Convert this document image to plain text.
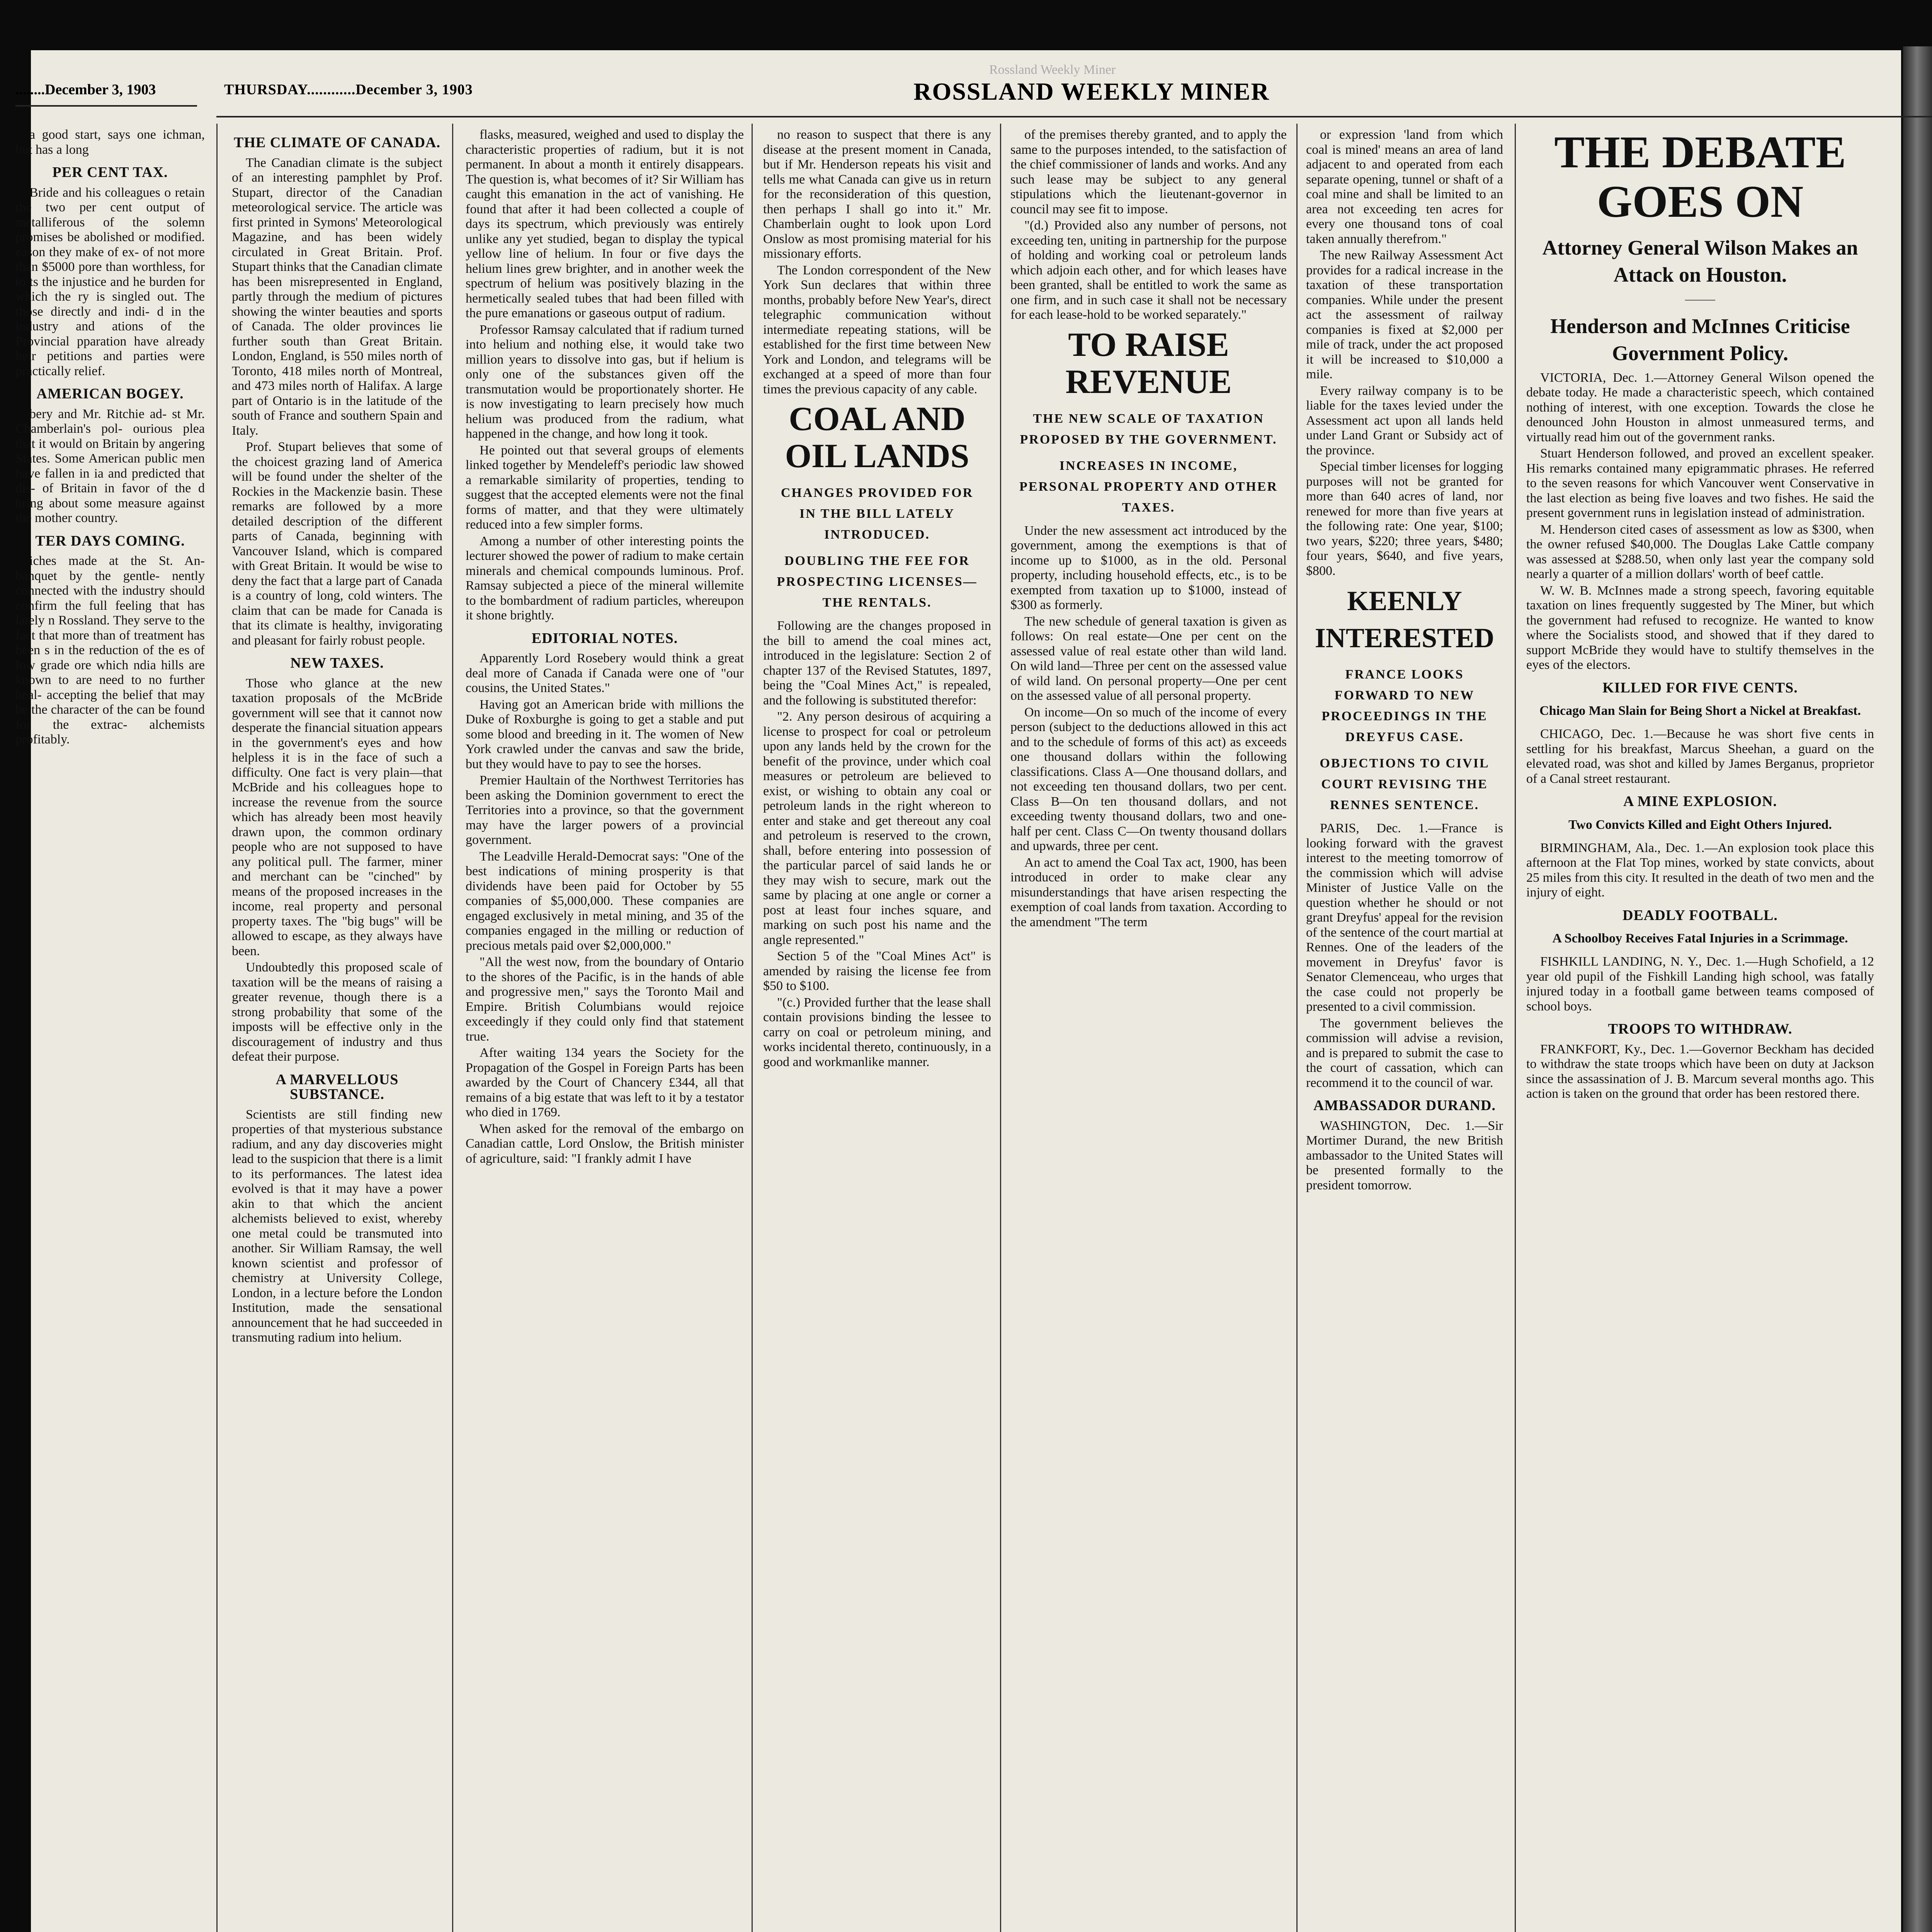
........December 3, 1903
Rossland Weekly Miner
THURSDAY............December 3, 1903	ROSSLAND WEEKLY MINER

a good start, says one ichman, but has a long

PER CENT TAX.

Bride and his colleagues o retain the two per cent output of metalliferous of the solemn promises be abolished or modified. eason they make of ex- of not more than $5000 pore than worthless, for to ts the injustice and he burden for which the ry is singled out. The those directly and indi- d in the industry and ations of the Provincial pparation have already heir petitions and parties were practically relief.

AMERICAN BOGEY.

bery and Mr. Ritchie ad- st Mr. Chamberlain's pol- ourious plea that it would on Britain by angering States. Some American public men have fallen in ia and predicted that dis- of Britain in favor of the d bring about some measure against the mother country.

TER DAYS COMING.

iches made at the St. An- banquet by the gentle- nently connected with the industry should confirm the full feeling that has lately n Rossland. They serve to the fact that more than of treatment has been s in the reduction of the es of low grade ore which ndia hills are known to are need to no further heal- accepting the belief that may be the character of the can be found for the extrac- alchemists profitably.

THE CLIMATE OF CANADA.

The Canadian climate is the subject of an interesting pamphlet by Prof. Stupart, director of the Canadian meteorological service. The article was first printed in Symons' Meteorological Magazine, and has been widely circulated in Great Britain. Prof. Stupart thinks that the Canadian climate has been misrepresented in England, partly through the medium of pictures showing the winter beauties and sports of Canada. The older provinces lie further south than Great Britain. London, England, is 550 miles north of Toronto, 418 miles north of Montreal, and 473 miles north of Halifax. A large part of Ontario is in the latitude of the south of France and southern Spain and Italy.

Prof. Stupart believes that some of the choicest grazing land of America will be found under the shelter of the Rockies in the Mackenzie basin. These remarks are followed by a more detailed description of the different parts of Canada, beginning with Vancouver Island, which is compared with Great Britain. It would be wise to deny the fact that a large part of Canada is a country of long, cold winters. The claim that can be made for Canada is that its climate is healthy, invigorating and pleasant for fairly robust people.

NEW TAXES.

Those who glance at the new taxation proposals of the McBride government will see that it cannot now desperate the financial situation appears in the government's eyes and how helpless it is in the face of such a difficulty. One fact is very plain—that McBride and his colleagues hope to increase the revenue from the source which has already been most heavily drawn upon, the common ordinary people who are not supposed to have any political pull. The farmer, miner and merchant can be "cinched" by means of the proposed increases in the income, real property and personal property taxes. The "big bugs" will be allowed to escape, as they always have been.

Undoubtedly this proposed scale of taxation will be the means of raising a greater revenue, though there is a strong probability that some of the imposts will be effective only in the discouragement of industry and thus defeat their purpose.

A MARVELLOUS SUBSTANCE.

Scientists are still finding new properties of that mysterious substance radium, and any day discoveries might lead to the suspicion that there is a limit to its performances. The latest idea evolved is that it may have a power akin to that which the ancient alchemists believed to exist, whereby one metal could be transmuted into another. Sir William Ramsay, the well known scientist and professor of chemistry at University College, London, in a lecture before the London Institution, made the sensational announcement that he had succeeded in transmuting radium into helium.

flasks, measured, weighed and used to display the characteristic properties of radium, but it is not permanent. In about a month it entirely disappears. The question is, what becomes of it? Sir William has caught this emanation in the act of vanishing. He found that after it had been collected a couple of days its spectrum, which previously was entirely unlike any yet studied, began to display the typical yellow line of helium. In four or five days the helium lines grew brighter, and in another week the spectrum of helium was positively blazing in the hermetically sealed tubes that had been filled with the pure emanations or gaseous output of radium.

Professor Ramsay calculated that if radium turned into helium and nothing else, it would take two million years to dissolve into gas, but if helium is only one of the substances given off the transmutation would be proportionately shorter. He is now investigating to learn precisely how much helium was produced from the radium, what happened in the change, and how long it took.

He pointed out that several groups of elements linked together by Mendeleff's periodic law showed a remarkable similarity of properties, tending to suggest that the accepted elements were not the final forms of matter, and that they were ultimately reduced into a few simpler forms.

Among a number of other interesting points the lecturer showed the power of radium to make certain minerals and chemical compounds luminous. Prof. Ramsay subjected a piece of the mineral willemite to the bombardment of radium particles, whereupon it shone brightly.

EDITORIAL NOTES.

Apparently Lord Rosebery would think a great deal more of Canada if Canada were one of "our cousins, the United States."

Having got an American bride with millions the Duke of Roxburghe is going to get a stable and put some blood and breeding in it. The women of New York crawled under the canvas and saw the bride, but they would have to pay to see the horses.

Premier Haultain of the Northwest Territories has been asking the Dominion government to erect the Territories into a province, so that the government may have the larger powers of a provincial government.

The Leadville Herald-Democrat says: "One of the best indications of mining prosperity is that dividends have been paid for October by 55 companies of $5,000,000. These companies are engaged exclusively in metal mining, and 35 of the companies engaged in the milling or reduction of precious metals paid over $2,000,000."

"All the west now, from the boundary of Ontario to the shores of the Pacific, is in the hands of able and progressive men," says the Toronto Mail and Empire. British Columbians would rejoice exceedingly if they could only find that statement true.

After waiting 134 years the Society for the Propagation of the Gospel in Foreign Parts has been awarded by the Court of Chancery £344, all that remains of a big estate that was left to it by a testator who died in 1769.

When asked for the removal of the embargo on Canadian cattle, Lord Onslow, the British minister of agriculture, said: "I frankly admit I have

no reason to suspect that there is any disease at the present moment in Canada, but if Mr. Henderson repeats his visit and tells me what Canada can give us in return for the reconsideration of this question, then perhaps I shall go into it." Mr. Chamberlain ought to look upon Lord Onslow as most promising material for his missionary efforts.

The London correspondent of the New York Sun declares that within three months, probably before New Year's, direct telegraphic communication without intermediate repeating stations, will be established for the first time between New York and London, and telegrams will be exchanged at a speed of more than four times the previous capacity of any cable.

COAL AND OIL LANDS
CHANGES PROVIDED FOR IN THE BILL LATELY INTRODUCED.
DOUBLING THE FEE FOR PROSPECTING LICENSES—THE RENTALS.

Following are the changes proposed in the bill to amend the coal mines act, introduced in the legislature: Section 2 of chapter 137 of the Revised Statutes, 1897, being the "Coal Mines Act," is repealed, and the following is substituted therefor:

"2. Any person desirous of acquiring a license to prospect for coal or petroleum upon any lands held by the crown for the benefit of the province, under which coal measures or petroleum are believed to exist, or wishing to obtain any coal or petroleum lands in the right whereon to enter and stake and get thereout any coal and petroleum is reserved to the crown, shall, before entering into possession of the particular parcel of said lands he or they may wish to secure, mark out the same by placing at one angle or corner a post at least four inches square, and marking on such post his name and the angle represented."

Section 5 of the "Coal Mines Act" is amended by raising the license fee from $50 to $100.

"(c.) Provided further that the lease shall contain provisions binding the lessee to carry on coal or petroleum mining, and works incidental thereto, continuously, in a good and workmanlike manner.

of the premises thereby granted, and to apply the same to the purposes intended, to the satisfaction of the chief commissioner of lands and works. And any such lease may be subject to any general stipulations which the lieutenant-governor in council may see fit to impose.

"(d.) Provided also any number of persons, not exceeding ten, uniting in partnership for the purpose of holding and working coal or petroleum lands which adjoin each other, and for which leases have been granted, shall be entitled to work the same as one firm, and in such case it shall not be necessary for each lease-hold to be worked separately."

TO RAISE REVENUE
THE NEW SCALE OF TAXATION PROPOSED BY THE GOVERNMENT.
INCREASES IN INCOME, PERSONAL PROPERTY AND OTHER TAXES.

Under the new assessment act introduced by the government, among the exemptions is that of income up to $1000, as in the old. Personal property, including household effects, etc., is to be exempted from taxation up to $1000, instead of $300 as formerly.

The new schedule of general taxation is given as follows: On real estate—One per cent on the assessed value of real estate other than wild land. On wild land—Three per cent on the assessed value of wild land. On personal property—One per cent on the assessed value of all personal property.

On income—On so much of the income of every person (subject to the deductions allowed in this act and to the schedule of forms of this act) as exceeds one thousand dollars within the following classifications. Class A—One thousand dollars, and not exceeding ten thousand dollars, two per cent. Class B—On ten thousand dollars, and not exceeding twenty thousand dollars, two and one-half per cent. Class C—On twenty thousand dollars and upwards, three per cent.

An act to amend the Coal Tax act, 1900, has been introduced in order to make clear any misunderstandings that have arisen respecting the exemption of coal lands from taxation. According to the amendment "The term

or expression 'land from which coal is mined' means an area of land adjacent to and operated from each separate opening, tunnel or shaft of a coal mine and shall be limited to an area not exceeding ten acres for every one thousand tons of coal taken annually therefrom."

The new Railway Assessment Act provides for a radical increase in the taxation of these transportation companies. While under the present act the assessment of railway companies is fixed at $2,000 per mile of track, under the act proposed it will be increased to $10,000 a mile.

Every railway company is to be liable for the taxes levied under the Assessment act upon all lands held under Land Grant or Subsidy act of the province.

Special timber licenses for logging purposes will not be granted for more than 640 acres of land, nor renewed for more than five years at the following rate: One year, $100; two years, $220; three years, $480; four years, $640, and five years, $800.

KEENLY INTERESTED
FRANCE LOOKS FORWARD TO NEW PROCEEDINGS IN THE DREYFUS CASE.
OBJECTIONS TO CIVIL COURT REVISING THE RENNES SENTENCE.

PARIS, Dec. 1.—France is looking forward with the gravest interest to the meeting tomorrow of the commission which will advise Minister of Justice Valle on the question whether he should or not grant Dreyfus' appeal for the revision of the sentence of the court martial at Rennes. One of the leaders of the movement in Dreyfus' favor is Senator Clemenceau, who urges that the case could not properly be presented to a civil commission.

The government believes the commission will advise a revision, and is prepared to submit the case to the court of cassation, which can recommend it to the council of war.

AMBASSADOR DURAND.

WASHINGTON, Dec. 1.—Sir Mortimer Durand, the new British ambassador to the United States will be presented formally to the president tomorrow.

THE DEBATE GOES ON
Attorney General Wilson Makes an Attack on Houston.
———
Henderson and McInnes Criticise Government Policy.

VICTORIA, Dec. 1.—Attorney General Wilson opened the debate today. He made a characteristic speech, which contained nothing of interest, with one exception. Towards the close he denounced John Houston in almost unmeasured terms, and virtually read him out of the government ranks.

Stuart Henderson followed, and proved an excellent speaker. His remarks contained many epigrammatic phrases. He referred to the seven reasons for which Vancouver went Conservative in the last election as being five loaves and two fishes. He said the present government runs in legislation instead of administration.

M. Henderson cited cases of assessment as low as $300, when the owner refused $40,000. The Douglas Lake Cattle company was assessed at $288.50, when only last year the company sold nearly a quarter of a million dollars' worth of beef cattle.

W. W. B. McInnes made a strong speech, favoring equitable taxation on lines frequently suggested by The Miner, but which the government had refused to recognize. He wanted to know where the Socialists stood, and showed that if they dared to support McBride they would have to stultify themselves in the eyes of the electors.

KILLED FOR FIVE CENTS.
Chicago Man Slain for Being Short a Nickel at Breakfast.

CHICAGO, Dec. 1.—Because he was short five cents in settling for his breakfast, Marcus Sheehan, a guard on the elevated road, was shot and killed by James Berganus, proprietor of a Canal street restaurant.

A MINE EXPLOSION.
Two Convicts Killed and Eight Others Injured.

BIRMINGHAM, Ala., Dec. 1.—An explosion took place this afternoon at the Flat Top mines, worked by state convicts, about 25 miles from this city. It resulted in the death of two men and the injury of eight.

DEADLY FOOTBALL.
A Schoolboy Receives Fatal Injuries in a Scrimmage.

FISHKILL LANDING, N. Y., Dec. 1.—Hugh Schofield, a 12 year old pupil of the Fishkill Landing high school, was fatally injured today in a football game between teams composed of school boys.

TROOPS TO WITHDRAW.

FRANKFORT, Ky., Dec. 1.—Governor Beckham has decided to withdraw the state troops which have been on duty at Jackson since the assassination of J. B. Marcum several months ago. This action is taken on the ground that order has been restored there.
